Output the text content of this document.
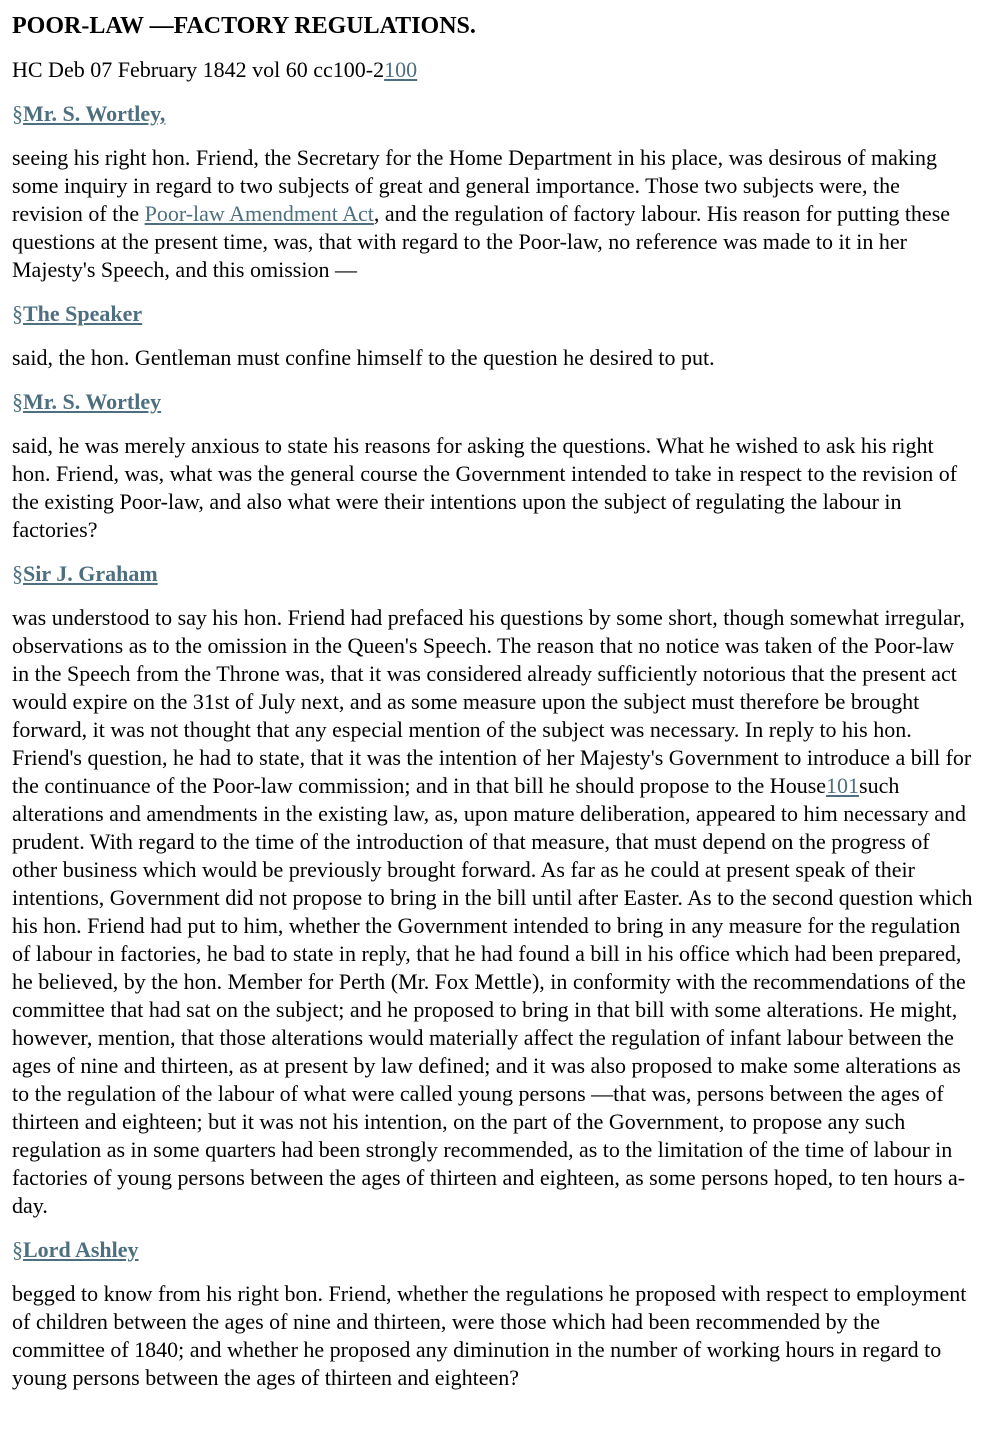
POOR-LAW —FACTORY REGULATIONS.

HC Deb 07 February 1842 vol 60 cc100-2100

§Mr. S. Wortley,

seeing his right hon. Friend, the Secretary for the Home Department in his place, was desirous of making some inquiry in regard to two subjects of great and general importance. Those two subjects were, the revision of the Poor-law Amendment Act, and the regulation of factory labour. His reason for putting these questions at the present time, was, that with regard to the Poor-law, no reference was made to it in her Majesty's Speech, and this omission —

§The Speaker

said, the hon. Gentleman must confine himself to the question he desired to put.

§Mr. S. Wortley

said, he was merely anxious to state his reasons for asking the questions. What he wished to ask his right hon. Friend, was, what was the general course the Government intended to take in respect to the revision of the existing Poor-law, and also what were their intentions upon the subject of regulating the labour in factories?

§Sir J. Graham

was understood to say his hon. Friend had prefaced his questions by some short, though somewhat irregular, observations as to the omission in the Queen's Speech. The reason that no notice was taken of the Poor-law in the Speech from the Throne was, that it was considered already sufficiently notorious that the present act would expire on the 31st of July next, and as some measure upon the subject must therefore be brought forward, it was not thought that any especial mention of the subject was necessary. In reply to his hon. Friend's question, he had to state, that it was the intention of her Majesty's Government to introduce a bill for the continuance of the Poor-law commission; and in that bill he should propose to the House101such alterations and amendments in the existing law, as, upon mature deliberation, appeared to him necessary and prudent. With regard to the time of the introduction of that measure, that must depend on the progress of other business which would be previously brought forward. As far as he could at present speak of their intentions, Government did not propose to bring in the bill until after Easter. As to the second question which his hon. Friend had put to him, whether the Government intended to bring in any measure for the regulation of labour in factories, he bad to state in reply, that he had found a bill in his office which had been prepared, he believed, by the hon. Member for Perth (Mr. Fox Mettle), in conformity with the recommendations of the committee that had sat on the subject; and he proposed to bring in that bill with some alterations. He might, however, mention, that those alterations would materially affect the regulation of infant labour between the ages of nine and thirteen, as at present by law defined; and it was also proposed to make some alterations as to the regulation of the labour of what were called young persons —that was, persons between the ages of thirteen and eighteen; but it was not his intention, on the part of the Government, to propose any such regulation as in some quarters had been strongly recommended, as to the limitation of the time of labour in factories of young persons between the ages of thirteen and eighteen, as some persons hoped, to ten hours a-day.

§Lord Ashley

begged to know from his right bon. Friend, whether the regulations he proposed with respect to employment of children between the ages of nine and thirteen, were those which had been recommended by the committee of 1840; and whether he proposed any diminution in the number of working hours in regard to young persons between the ages of thirteen and eighteen?
